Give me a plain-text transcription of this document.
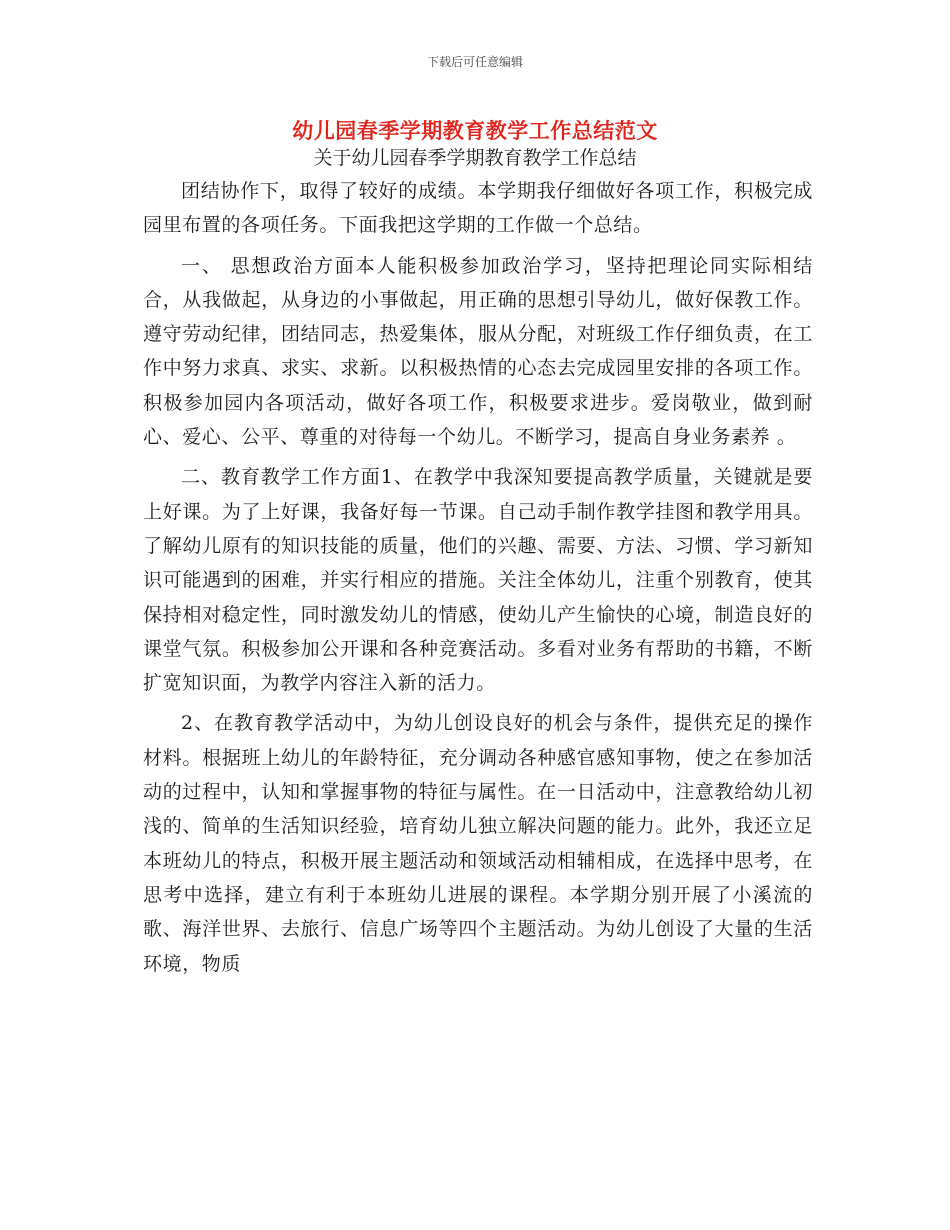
下载后可任意编辑
幼儿园春季学期教育教学工作总结范文
关于幼儿园春季学期教育教学工作总结

团结协作下，取得了较好的成绩。本学期我仔细做好各项工作，积极完成园里布置的各项任务。下面我把这学期的工作做一个总结。

一、 思想政治方面本人能积极参加政治学习，坚持把理论同实际相结合，从我做起，从身边的小事做起，用正确的思想引导幼儿，做好保教工作。遵守劳动纪律，团结同志，热爱集体，服从分配，对班级工作仔细负责，在工作中努力求真、求实、求新。以积极热情的心态去完成园里安排的各项工作。积极参加园内各项活动，做好各项工作，积极要求进步。爱岗敬业，做到耐心、爱心、公平、尊重的对待每一个幼儿。不断学习，提高自身业务素养 。

二、教育教学工作方面1、在教学中我深知要提高教学质量，关键就是要上好课。为了上好课，我备好每一节课。自己动手制作教学挂图和教学用具。了解幼儿原有的知识技能的质量，他们的兴趣、需要、方法、习惯、学习新知识可能遇到的困难，并实行相应的措施。关注全体幼儿，注重个别教育，使其保持相对稳定性，同时激发幼儿的情感，使幼儿产生愉快的心境，制造良好的课堂气氛。积极参加公开课和各种竞赛活动。多看对业务有帮助的书籍，不断扩宽知识面，为教学内容注入新的活力。

2、在教育教学活动中，为幼儿创设良好的机会与条件，提供充足的操作材料。根据班上幼儿的年龄特征，充分调动各种感官感知事物，使之在参加活动的过程中，认知和掌握事物的特征与属性。在一日活动中，注意教给幼儿初浅的、简单的生活知识经验，培育幼儿独立解决问题的能力。此外，我还立足本班幼儿的特点，积极开展主题活动和领域活动相辅相成，在选择中思考，在思考中选择，建立有利于本班幼儿进展的课程。本学期分别开展了小溪流的歌、海洋世界、去旅行、信息广场等四个主题活动。为幼儿创设了大量的生活环境，物质
